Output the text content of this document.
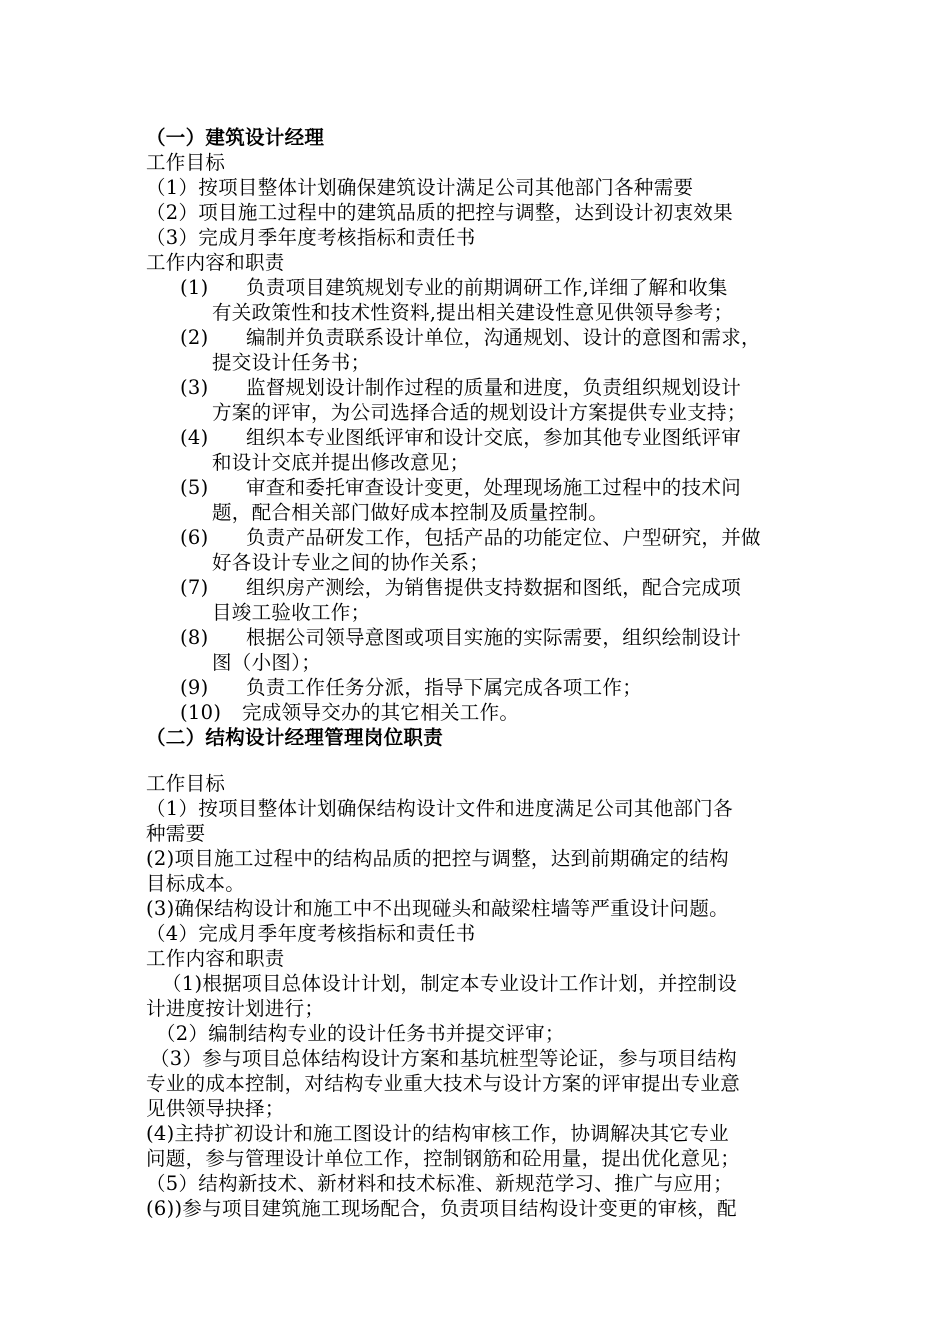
（一）建筑设计经理
工作目标
（1）按项目整体计划确保建筑设计满足公司其他部门各种需要
（2）项目施工过程中的建筑品质的把控与调整，达到设计初衷效果
（3）完成月季年度考核指标和责任书
工作内容和职责
(1) 负责项目建筑规划专业的前期调研工作,详细了解和收集
有关政策性和技术性资料,提出相关建设性意见供领导参考；
(2) 编制并负责联系设计单位，沟通规划、设计的意图和需求，
提交设计任务书；
(3) 监督规划设计制作过程的质量和进度，负责组织规划设计
方案的评审，为公司选择合适的规划设计方案提供专业支持；
(4) 组织本专业图纸评审和设计交底，参加其他专业图纸评审
和设计交底并提出修改意见；
(5) 审查和委托审查设计变更，处理现场施工过程中的技术问
题，配合相关部门做好成本控制及质量控制。
(6) 负责产品研发工作，包括产品的功能定位、户型研究，并做
好各设计专业之间的协作关系；
(7) 组织房产测绘，为销售提供支持数据和图纸，配合完成项
目竣工验收工作；
(8) 根据公司领导意图或项目实施的实际需要，组织绘制设计
图（小图）；
(9) 负责工作任务分派，指导下属完成各项工作；
(10) 完成领导交办的其它相关工作。
（二）结构设计经理管理岗位职责
工作目标
（1）按项目整体计划确保结构设计文件和进度满足公司其他部门各
种需要
(2)项目施工过程中的结构品质的把控与调整，达到前期确定的结构
目标成本。
(3)确保结构设计和施工中不出现碰头和敲梁柱墙等严重设计问题。
（4）完成月季年度考核指标和责任书
工作内容和职责
（1)根据项目总体设计计划，制定本专业设计工作计划，并控制设
计进度按计划进行；
（2）编制结构专业的设计任务书并提交评审；
（3）参与项目总体结构设计方案和基坑桩型等论证，参与项目结构
专业的成本控制，对结构专业重大技术与设计方案的评审提出专业意
见供领导抉择；
(4)主持扩初设计和施工图设计的结构审核工作，协调解决其它专业
问题，参与管理设计单位工作，控制钢筋和砼用量，提出优化意见；
（5）结构新技术、新材料和技术标准、新规范学习、推广与应用；
(6))参与项目建筑施工现场配合，负责项目结构设计变更的审核，配
